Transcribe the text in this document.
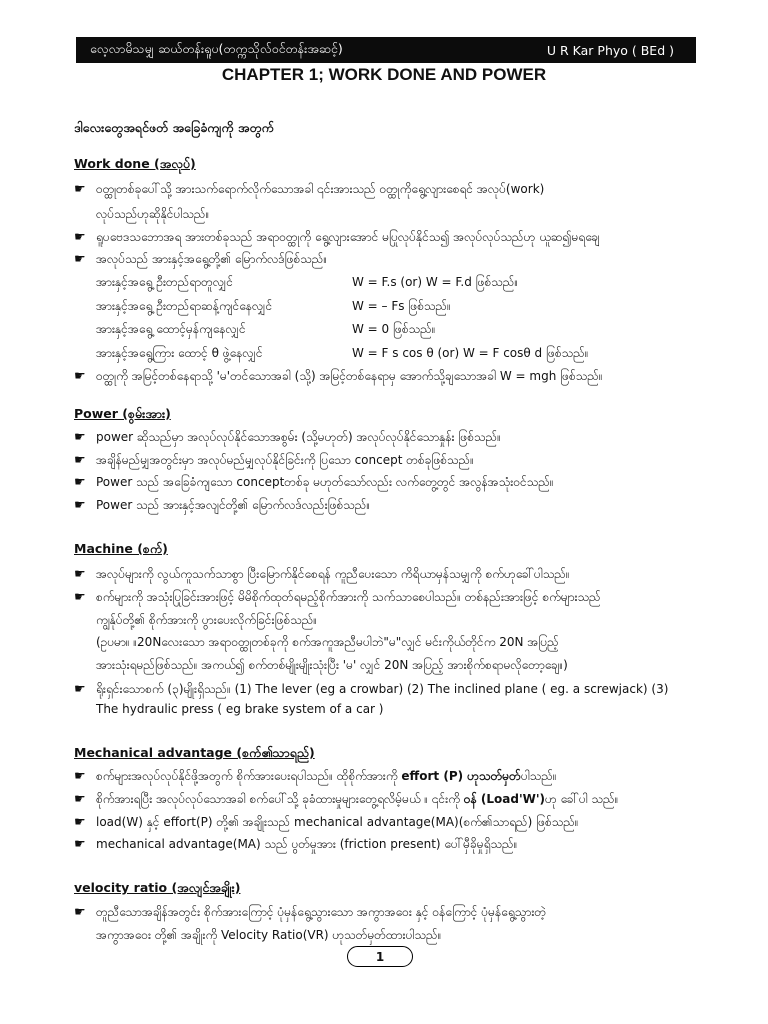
လေ့လာမိသမျှ ဆယ်တန်းရူပ(တက္ကသိုလ်ဝင်တန်းအဆင့်)	U R Kar Phyo ( BEd )
CHAPTER 1; WORK DONE AND POWER
ဒါလေးတွေအရင်ဖတ် အခြေခံကျကို အတွက်
Work done (အလုပ်)
☛ ဝတ္ထုတစ်ခုပေါ်သို့ အားသက်ရောက်လိုက်သောအခါ ၎င်းအားသည် ဝတ္ထုကိုရွေ့လျားစေရင် အလုပ်(work)
လုပ်သည်ဟုဆိုနိုင်ပါသည်။
☛ ရူပဗေဒသဘောအရ အားတစ်ခုသည် အရာဝတ္ထုကို ရွေ့လျားအောင် မပြုလုပ်နိုင်သ၍ အလုပ်လုပ်သည်ဟု ယူဆ၍မရချေ
☛ အလုပ်သည် အားနှင့်အရွေ့တို့၏ မြောက်လဒ်ဖြစ်သည်။
အားနှင့်အရွေ့ ဦးတည်ရာတူလျှင်	W = F.s (or) W = F.d ဖြစ်သည်။
အားနှင့်အရွေ့ ဦးတည်ရာဆန့်ကျင်နေလျှင်	W = – Fs ဖြစ်သည်။
အားနှင့်အရွေ့ ထောင့်မှန်ကျနေလျှင်	W = 0 ဖြစ်သည်။
အားနှင့်အရွေ့ကြား ထောင့် θ ဖွဲ့နေလျှင်	W = F s cos θ (or) W = F cosθ d ဖြစ်သည်။
☛ ဝတ္ထုကို အမြင့်တစ်နေရာသို့ 'မ'တင်သောအခါ (သို့) အမြင့်တစ်နေရာမှ အောက်သို့ချသောအခါ W = mgh ဖြစ်သည်။
Power (စွမ်းအား)
☛ power ဆိုသည်မှာ အလုပ်လုပ်နိုင်သောအစွမ်း (သို့မဟုတ်) အလုပ်လုပ်နိုင်သောနှုန်း ဖြစ်သည်။
☛ အချိန်မည်မျှအတွင်းမှာ အလုပ်မည်မျှလုပ်နိုင်ခြင်းကို ပြသော concept တစ်ခုဖြစ်သည်။
☛ Power သည် အခြေခံကျသော conceptတစ်ခု မဟုတ်သော်လည်း လက်တွေ့တွင် အလွန်အသုံးဝင်သည်။
☛ Power သည် အားနှင့်အလျင်တို့၏ မြောက်လဒ်လည်းဖြစ်သည်။
Machine (စက်)
☛ အလုပ်များကို လွယ်ကူသက်သာစွာ ပြီးမြောက်နိုင်စေရန် ကူညီပေးသော ကိရိယာမှန်သမျှကို စက်ဟုခေါ်ပါသည်။
☛ စက်များကို အသုံးပြုခြင်းအားဖြင့် မိမိစိုက်ထုတ်ရမည့်စိုက်အားကို သက်သာစေပါသည်။ တစ်နည်းအားဖြင့် စက်များသည်
ကျွန်ုပ်တို့၏ စိုက်အားကို ပွားပေးလိုက်ခြင်းဖြစ်သည်။
(ဥပမာ။ ။20Nလေးသော အရာဝတ္ထုတစ်ခုကို စက်အကူအညီမပါဘဲ"မ"လျှင် မင်းကိုယ်တိုင်က 20N အပြည့်
အားသုံးရမည်ဖြစ်သည်။ အကယ်၍ စက်တစ်မျိုးမျိုးသုံးပြီး 'မ' လျှင် 20N အပြည့် အားစိုက်စရာမလိုတော့ချေ။)
☛ ရိုးရှင်းသောစက် (၃)မျိုးရှိသည်။ (1) The lever (eg a crowbar) (2) The inclined plane ( eg. a screwjack) (3)
The hydraulic press ( eg brake system of a car )
Mechanical advantage (စက်၏သာရည်)
☛ စက်များအလုပ်လုပ်နိုင်ဖို့အတွက် စိုက်အားပေးရပါသည်။ ထိုစိုက်အားကို effort (P) ဟုသတ်မှတ်ပါသည်။
☛ စိုက်အားရပြီး အလုပ်လုပ်သောအခါ စက်ပေါ်သို့ ခုခံထားမှုများတွေ့ရလိမ့်မယ် ။ ၎င်းကို ဝန် (Load'W')ဟု ခေါ်ပါ သည်။
☛ load(W) နှင့် effort(P) တို့၏ အချိုးသည် mechanical advantage(MA)(စက်၏သာရည်) ဖြစ်သည်။
☛ mechanical advantage(MA) သည် ပွတ်မှုအား (friction present) ပေါ်မှီခိုမှုရှိသည်။
velocity ratio (အလျင်အချိုး)
☛ တူညီသောအချိန်အတွင်း စိုက်အားကြောင့် ပုံမှန်ရွေ့သွားသော အကွာအဝေး နှင့် ဝန်ကြောင့် ပုံမှန်ရွေ့သွားတဲ့
အကွာအဝေး တို့၏ အချိုးကို Velocity Ratio(VR) ဟုသတ်မှတ်ထားပါသည်။
1
